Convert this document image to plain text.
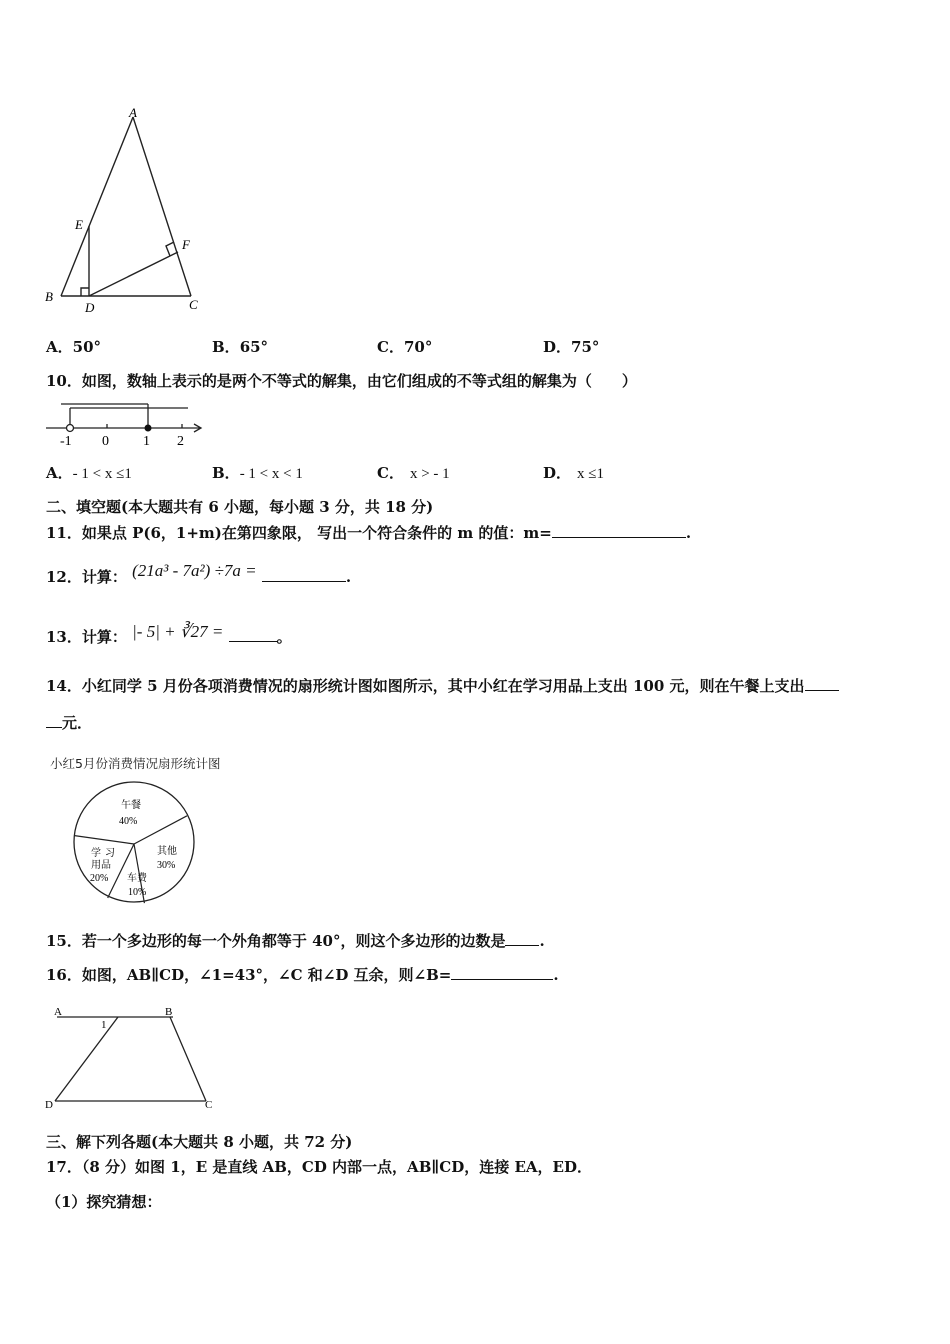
A
E
F
B
D	C
A．50°	B．65°	C．70°	D．75°
10．如图，数轴上表示的是两个不等式的解集，由它们组成的不等式组的解集为（　　）
-1 0 1 2
A．- 1 < x ≤1	B．- 1 < x < 1	C． x > - 1	D． x ≤1
二、填空题(本大题共有 6 小题，每小题 3 分，共 18 分)
11．如果点 P(6，1+m)在第四象限， 写出一个符合条件的 m 的值：m=	.
12．计算： (21a³ - 7a²) ÷7a =	.
13．计算： |- 5| + ∛27 =	。
14．小红同学 5 月份各项消费情况的扇形统计图如图所示，其中小红在学习用品上支出 100 元，则在午餐上支出
元．
小红5月份消费情况扇形统计图
午餐
40%
其他
30%
车费
10%
学习
用品
20%
15．若一个多边形的每一个外角都等于 40°，则这个多边形的边数是 .
16．如图，AB∥CD，∠1=43°，∠C 和∠D 互余，则∠B=	.
A	B
1
D	C
三、解下列各题(本大题共 8 小题，共 72 分)
17．（8 分）如图 1，E 是直线 AB，CD 内部一点，AB∥CD，连接 EA，ED．
（1）探究猜想：
